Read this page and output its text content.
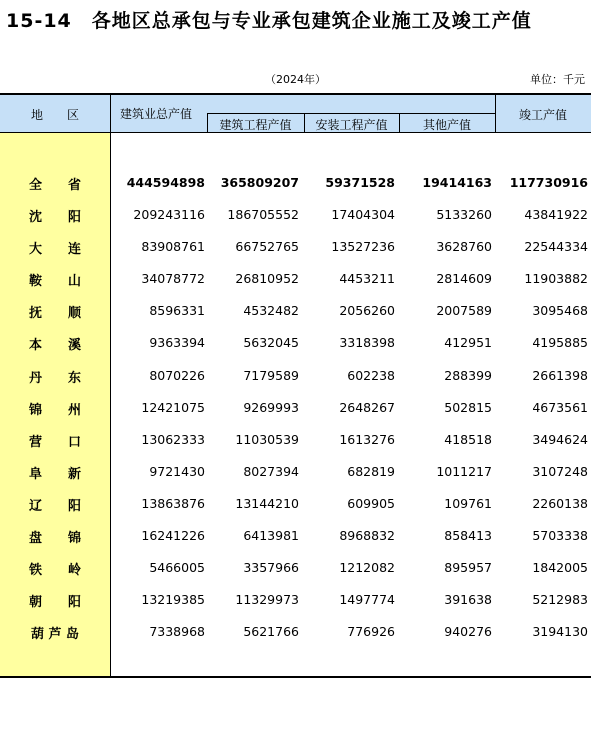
15-14　各地区总承包与专业承包建筑企业施工及竣工产值
（2024年）	单位：千元
地　　区	建筑业总产值
建筑工程产值	安装工程产值	其他产值
竣工产值
全　　省	444594898 365809207 59371528 19414163 117730916
沈　　阳	209243116 186705552	17404304	5133260	43841922
大　　连	83908761 66752765	13527236	3628760	22544334
鞍　　山	34078772 26810952	4453211	2814609	11903882
抚　　顺	8596331	4532482	2056260	2007589	3095468
本　　溪	9363394	5632045	3318398	412951	4195885
丹　　东	8070226	7179589	602238	288399	2661398
锦　　州	12421075	9269993	2648267	502815	4673561
营　　口	13062333 11030539	1613276	418518	3494624
阜　　新	9721430	8027394	682819	1011217	3107248
辽　　阳	13863876 13144210	609905	109761	2260138
盘　　锦	16241226	6413981	8968832	858413	5703338
铁　　岭	5466005	3357966	1212082	895957	1842005
朝　　阳	13219385 11329973	1497774	391638	5212983
葫 芦 岛	7338968	5621766	776926	940276	3194130
